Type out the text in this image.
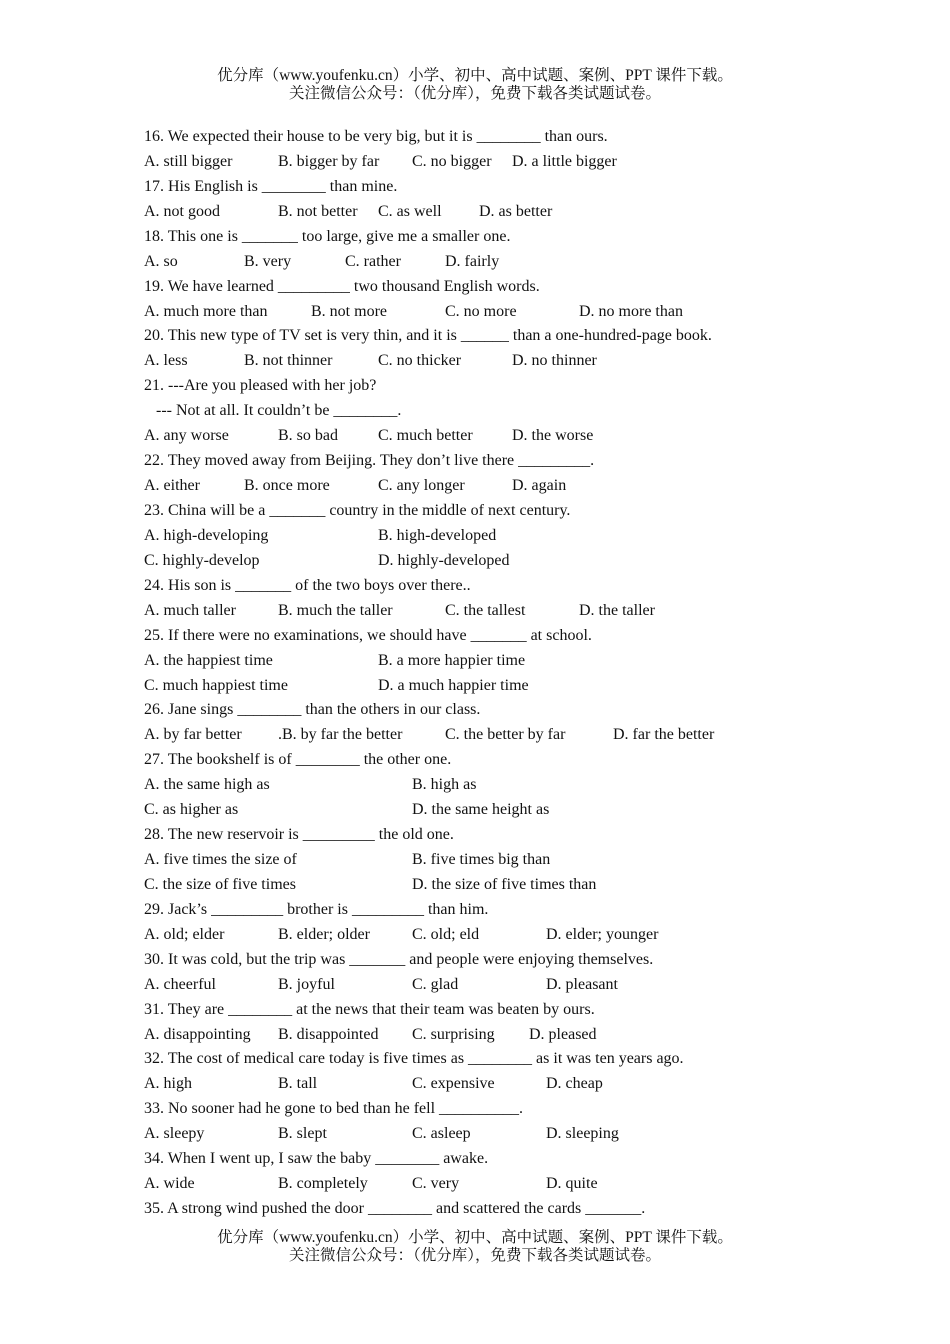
优分库（www.youfenku.cn）小学、初中、高中试题、案例、PPT 课件下载。
关注微信公众号：（优分库），免费下载各类试题试卷。
16. We expected their house to be very big, but it is ________ than ours.
A. still bigger	B. bigger by far C. no bigger D. a little bigger
17. His English is ________ than mine.
A. not good	B. not better C. as well D. as better
18. This one is _______ too large, give me a smaller one.
A. so	B. very	C. rather	D. fairly
19. We have learned _________ two thousand English words.
A. much more than	B. not more	C. no more	D. no more than
20. This new type of TV set is very thin, and it is ______ than a one-hundred-page book.
A. less	B. not thinner	C. no thicker	D. no thinner
21. ---Are you pleased with her job?
--- Not at all. It couldn’t be ________.
A. any worse	B. so bad	C. much better D. the worse
22. They moved away from Beijing. They don’t live there _________.
A. either	B. once more	C. any longer	D. again
23. China will be a _______ country in the middle of next century.
A. high-developing	B. high-developed
C. highly-develop	D. highly-developed
24. His son is _______ of the two boys over there..
A. much taller	B. much the taller	C. the tallest	D. the taller
25. If there were no examinations, we should have _______ at school.
A. the happiest time	B. a more happier time
C. much happiest time	D. a much happier time
26. Jane sings ________ than the others in our class.
A. by far better .B. by far the better	C. the better by far	D. far the better
27. The bookshelf is of ________ the other one.
A. the same high as	B. high as
C. as higher as	D. the same height as
28. The new reservoir is _________ the old one.
A. five times the size of	B. five times big than
C. the size of five times	D. the size of five times than
29. Jack’s _________ brother is _________ than him.
A. old; elder	B. elder; older	C. old; eld	D. elder; younger
30. It was cold, but the trip was _______ and people were enjoying themselves.
A. cheerful	B. joyful	C. glad	D. pleasant
31. They are ________ at the news that their team was beaten by ours.
A. disappointing B. disappointed C. surprising D. pleased
32. The cost of medical care today is five times as ________ as it was ten years ago.
A. high	B. tall	C. expensive	D. cheap
33. No sooner had he gone to bed than he fell __________.
A. sleepy	B. slept	C. asleep	D. sleeping
34. When I went up, I saw the baby ________ awake.
A. wide	B. completely	C. very	D. quite
35. A strong wind pushed the door ________ and scattered the cards _______.
优分库（www.youfenku.cn）小学、初中、高中试题、案例、PPT 课件下载。
关注微信公众号：（优分库），免费下载各类试题试卷。
